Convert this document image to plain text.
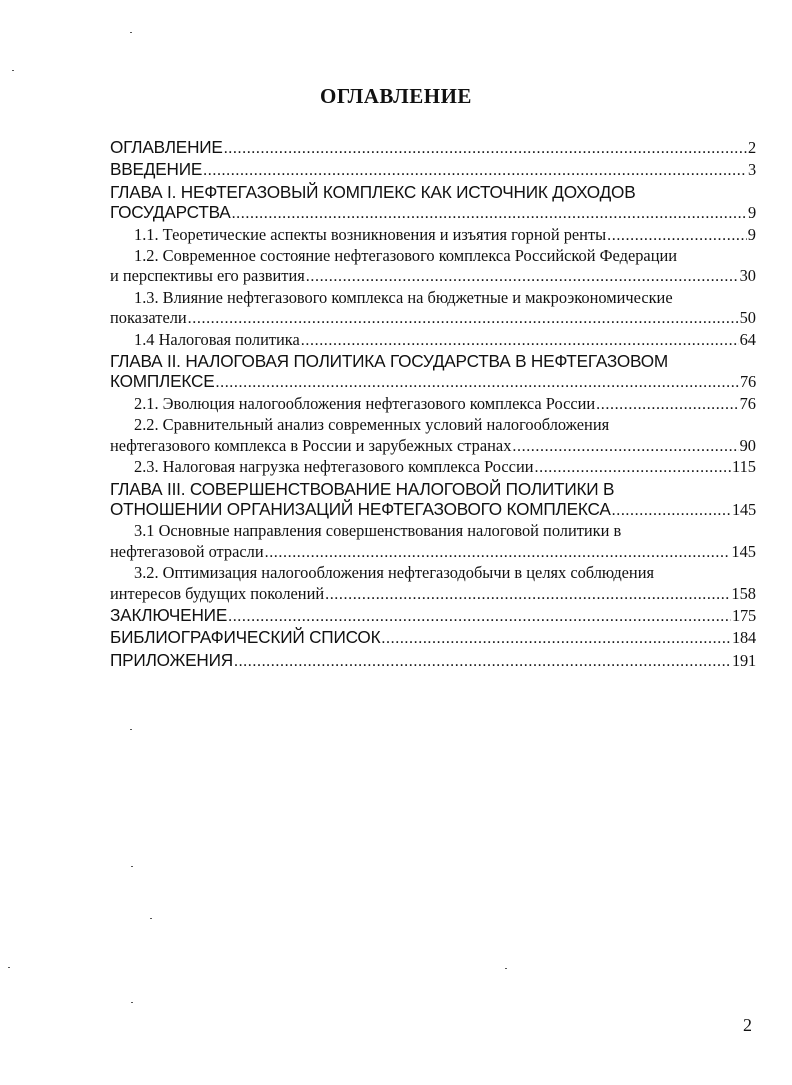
ОГЛАВЛЕНИЕ
ОГЛАВЛЕНИЕ .....	2
ВВЕДЕНИЕ .....	3
ГЛАВА I. НЕФТЕГАЗОВЫЙ КОМПЛЕКС КАК ИСТОЧНИК ДОХОДОВ
ГОСУДАРСТВА .....	9
1.1. Теоретические аспекты возникновения и изъятия горной ренты .....	9
1.2. Современное состояние нефтегазового комплекса Российской Федерации
и перспективы его развития .....	30
1.3. Влияние нефтегазового комплекса на бюджетные и макроэкономические
показатели .....	50
1.4 Налоговая политика .....	64
ГЛАВА II. НАЛОГОВАЯ ПОЛИТИКА ГОСУДАРСТВА В НЕФТЕГАЗОВОМ
КОМПЛЕКСЕ .....	76
2.1. Эволюция налогообложения нефтегазового комплекса России .....	76
2.2. Сравнительный анализ современных условий налогообложения
нефтегазового комплекса в России и зарубежных странах .....	90
2.3. Налоговая нагрузка нефтегазового комплекса России .....	115
ГЛАВА III. СОВЕРШЕНСТВОВАНИЕ НАЛОГОВОЙ ПОЛИТИКИ В
ОТНОШЕНИИ ОРГАНИЗАЦИЙ НЕФТЕГАЗОВОГО КОМПЛЕКСА .....	145
3.1 Основные направления совершенствования налоговой политики в
нефтегазовой отрасли .....	145
3.2. Оптимизация налогообложения нефтегазодобычи в целях соблюдения
интересов будущих поколений .....	158
ЗАКЛЮЧЕНИЕ .....	175
БИБЛИОГРАФИЧЕСКИЙ СПИСОК .....	184
ПРИЛОЖЕНИЯ .....	191
2
